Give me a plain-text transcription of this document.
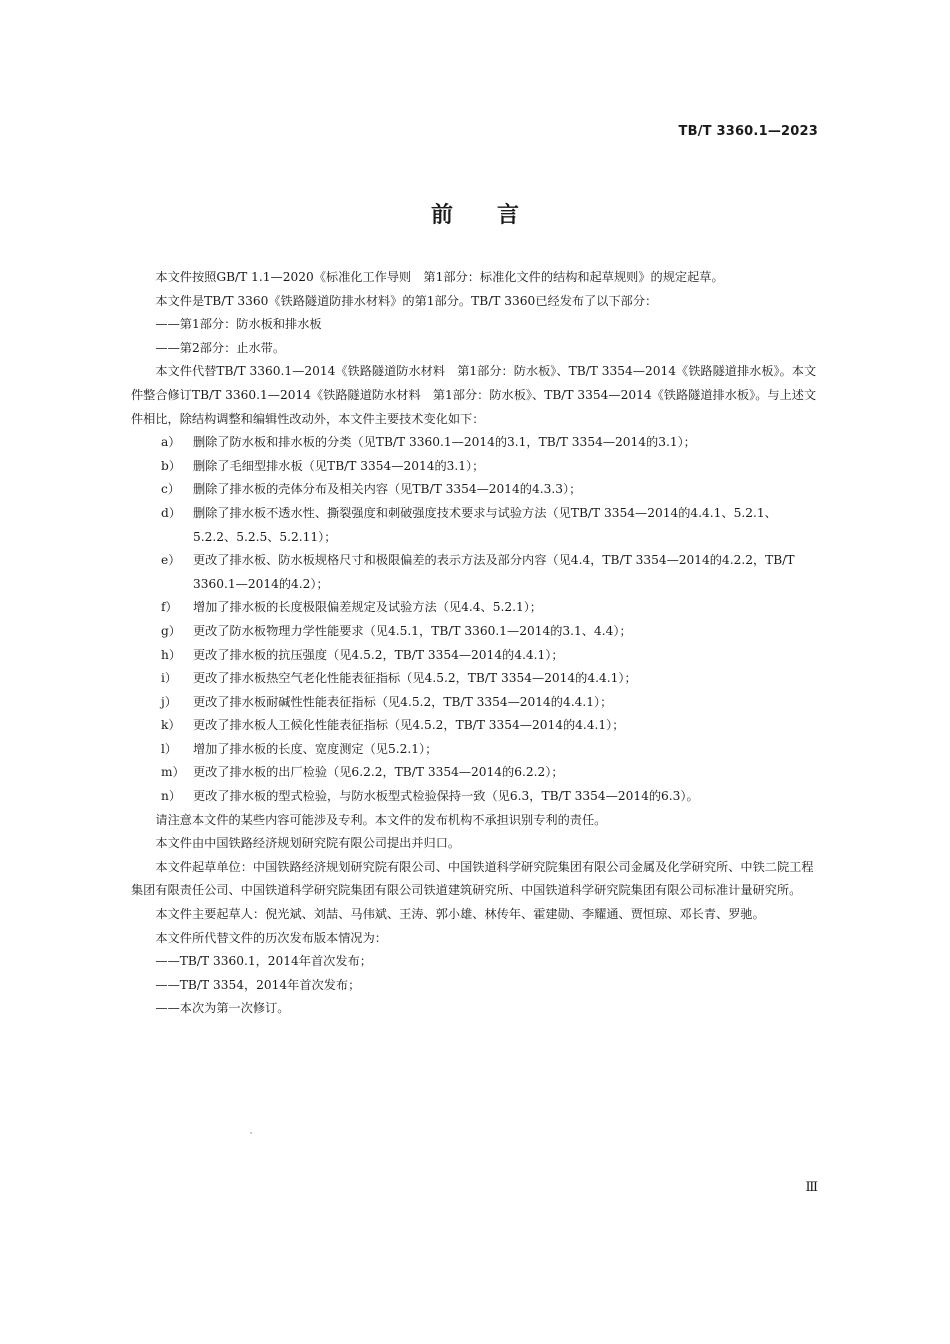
TB/T 3360.1—2023
前言

本文件按照GB/T 1.1—2020《标准化工作导则　第1部分：标准化文件的结构和起草规则》的规定起草。

本文件是TB/T 3360《铁路隧道防排水材料》的第1部分。TB/T 3360已经发布了以下部分：

——第1部分：防水板和排水板

——第2部分：止水带。

本文件代替TB/T 3360.1—2014《铁路隧道防水材料　第1部分：防水板》、TB/T 3354—2014《铁路隧道排水板》。本文件整合修订TB/T 3360.1—2014《铁路隧道防水材料　第1部分：防水板》、TB/T 3354—2014《铁路隧道排水板》。与上述文件相比，除结构调整和编辑性改动外，本文件主要技术变化如下：

a）	删除了防水板和排水板的分类（见TB/T 3360.1—2014的3.1，TB/T 3354—2014的3.1）；
b） 删除了毛细型排水板（见TB/T 3354—2014的3.1）；
c）	删除了排水板的壳体分布及相关内容（见TB/T 3354—2014的4.3.3）；
d） 删除了排水板不透水性、撕裂强度和刺破强度技术要求与试验方法（见TB/T 3354—2014的4.4.1、5.2.1、5.2.2、5.2.5、5.2.11）；
e）	更改了排水板、防水板规格尺寸和极限偏差的表示方法及部分内容（见4.4，TB/T 3354—2014的4.2.2，TB/T 3360.1—2014的4.2）；
f）	增加了排水板的长度极限偏差规定及试验方法（见4.4、5.2.1）；
g） 更改了防水板物理力学性能要求（见4.5.1，TB/T 3360.1—2014的3.1、4.4）；
h） 更改了排水板的抗压强度（见4.5.2，TB/T 3354—2014的4.4.1）；
i）	更改了排水板热空气老化性能表征指标（见4.5.2，TB/T 3354—2014的4.4.1）；
j）	更改了排水板耐碱性性能表征指标（见4.5.2，TB/T 3354—2014的4.4.1）；
k）	更改了排水板人工候化性能表征指标（见4.5.2，TB/T 3354—2014的4.4.1）；
l）	增加了排水板的长度、宽度测定（见5.2.1）；
m） 更改了排水板的出厂检验（见6.2.2，TB/T 3354—2014的6.2.2）；
n） 更改了排水板的型式检验，与防水板型式检验保持一致（见6.3，TB/T 3354—2014的6.3）。

请注意本文件的某些内容可能涉及专利。本文件的发布机构不承担识别专利的责任。

本文件由中国铁路经济规划研究院有限公司提出并归口。

本文件起草单位：中国铁路经济规划研究院有限公司、中国铁道科学研究院集团有限公司金属及化学研究所、中铁二院工程集团有限责任公司、中国铁道科学研究院集团有限公司铁道建筑研究所、中国铁道科学研究院集团有限公司标准计量研究所。

本文件主要起草人：倪光斌、刘喆、马伟斌、王涛、郭小雄、林传年、霍建勋、李耀通、贾恒琼、邓长青、罗驰。

本文件所代替文件的历次发布版本情况为：

——TB/T 3360.1，2014年首次发布；

——TB/T 3354，2014年首次发布；

——本次为第一次修订。

Ⅲ
